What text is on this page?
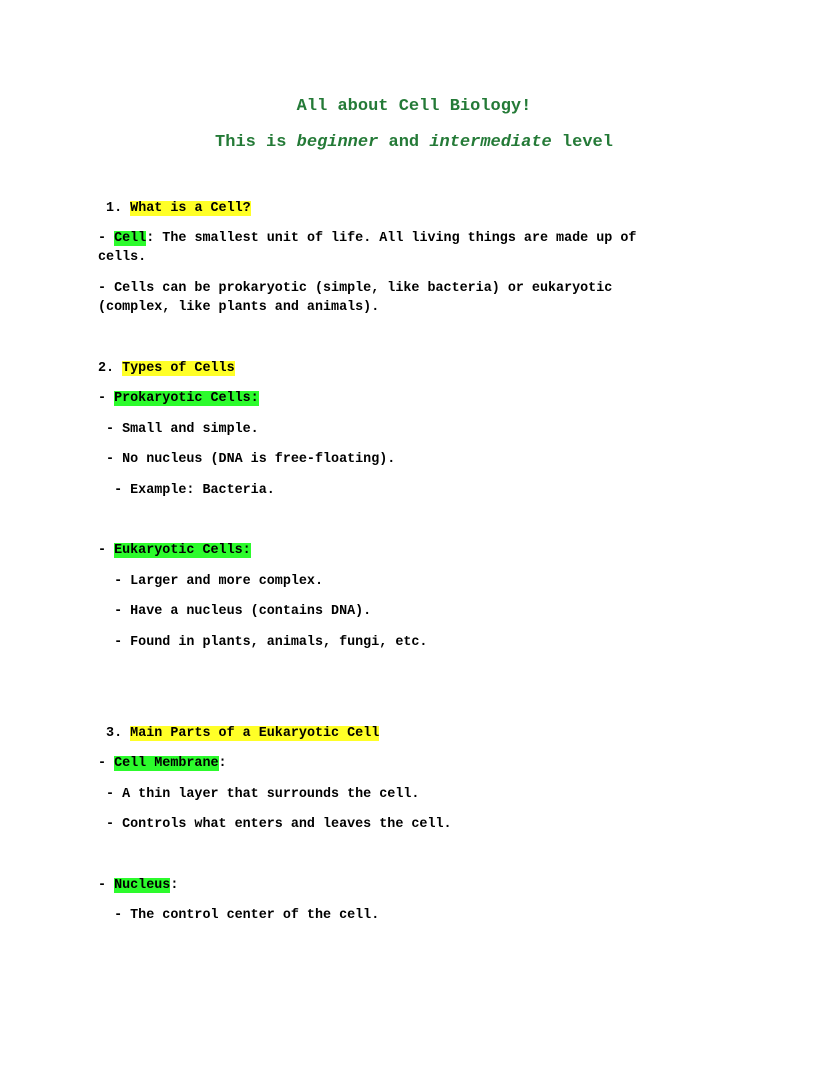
All about Cell Biology!
This is beginner and intermediate level
1. What is a Cell?
- Cell: The smallest unit of life. All living things are made up of
cells.
- Cells can be prokaryotic (simple, like bacteria) or eukaryotic
(complex, like plants and animals).
2. Types of Cells
- Prokaryotic Cells:
- Small and simple.
- No nucleus (DNA is free-floating).
- Example: Bacteria.
- Eukaryotic Cells:
- Larger and more complex.
- Have a nucleus (contains DNA).
- Found in plants, animals, fungi, etc.
3. Main Parts of a Eukaryotic Cell
- Cell Membrane:
- A thin layer that surrounds the cell.
- Controls what enters and leaves the cell.
- Nucleus:
- The control center of the cell.
